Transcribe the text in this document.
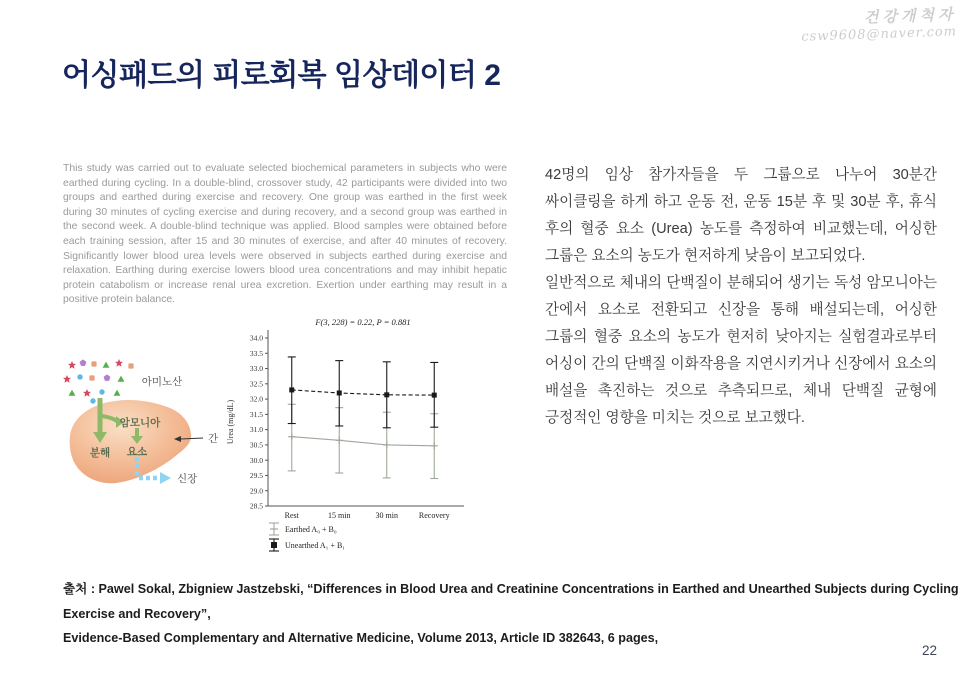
건강개척자
csw9608@naver.com
어싱패드의 피로회복 임상데이터 2

This study was carried out to evaluate selected biochemical parameters in subjects who were earthed during cycling. In a double-blind, crossover study, 42 participants were divided into two groups and earthed during exercise and recovery. One group was earthed in the first week during 30 minutes of cycling exercise and during recovery, and a second group was earthed in the second week. A double-blind technique was applied. Blood samples were obtained before each training session, after 15 and 30 minutes of exercise, and after 40 minutes of recovery. Significantly lower blood urea levels were observed in subjects earthed during exercise and relaxation. Earthing during exercise lowers blood urea concentrations and may inhibit hepatic protein catabolism or increase renal urea excretion. Exertion under earthing may result in a positive protein balance.

42명의 임상 참가자들을 두 그룹으로 나누어 30분간 싸이클링을 하게 하고 운동 전, 운동 15분 후 및 30분 후, 휴식 후의 혈중 요소 (Urea) 농도를 측정하여 비교했는데, 어싱한 그룹은 요소의 농도가 현저하게 낮음이 보고되었다.
일반적으로 체내의 단백질이 분해되어 생기는 독성 암모니아는 간에서 요소로 전환되고 신장을 통해 배설되는데, 어싱한 그룹의 혈중 요소의 농도가 현저히 낮아지는 실험결과로부터 어싱이 간의 단백질 이화작용을 지연시키거나 신장에서 요소의 배설을 촉진하는 것으로 추측되므로, 체내 단백질 균형에 긍정적인 영향을 미치는 것으로 보고했다.
아미노산
암모니아
분해 요소
간
신장
F(3, 228) = 0.22, P = 0.881
34.0
33.5
33.0
32.5
32.0
31.5
31.0
30.5
30.0
29.5
29.0
28.5
Urea (mg/dL)
Rest	15 min	30 min	Recovery
Earthed A₀ + B₀
Unearthed A₁ + B₁
출처 : Pawel Sokal, Zbigniew Jastzebski, “Differences in Blood Urea and Creatinine Concentrations in Earthed and Unearthed Subjects during Cycling Exercise and Recovery”,
Evidence-Based Complementary and Alternative Medicine, Volume 2013, Article ID 382643, 6 pages,
22
